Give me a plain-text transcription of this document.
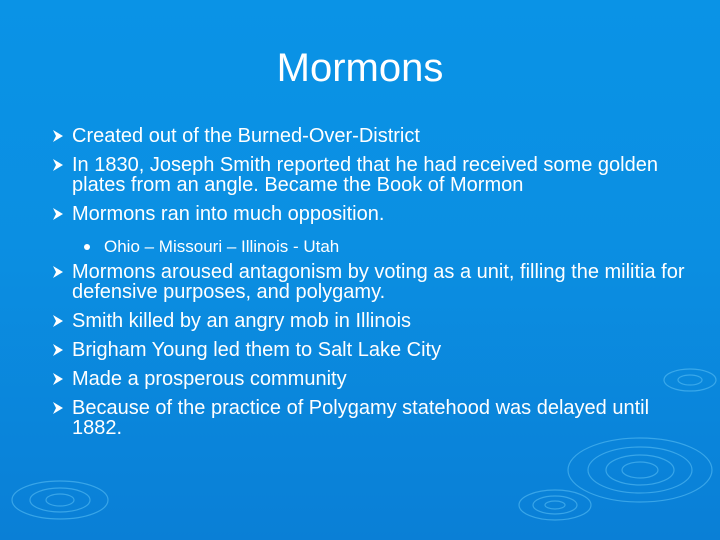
Mormons
Created out of the Burned-Over-District
In 1830, Joseph Smith reported that he had received some golden plates from an angle. Became the Book of Mormon
Mormons ran into much opposition.
Ohio – Missouri – Illinois - Utah
Mormons aroused antagonism by voting as a unit, filling the militia for defensive purposes, and polygamy.
Smith killed by an angry mob in Illinois
Brigham Young led them to Salt Lake City
Made a prosperous community
Because of the practice of Polygamy statehood was delayed until 1882.
